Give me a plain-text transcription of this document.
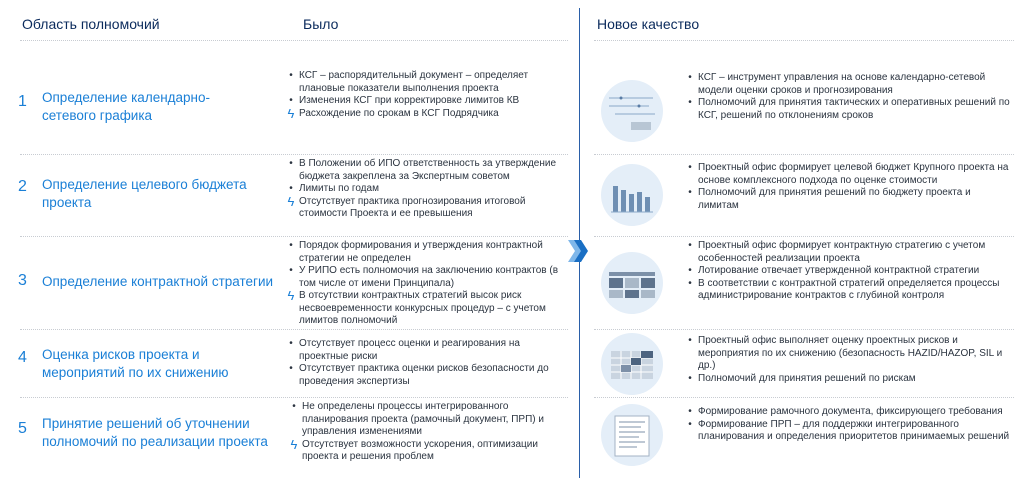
Область полномочий	Было	Новое качество
1 Определение календарно-сетевого графика
• КСГ – распорядительный документ – определяет плановые показатели выполнения проекта
• Изменения КСГ при корректировке лимитов КВ
ϟ Расхождение по срокам в КСГ Подрядчика
• КСГ – инструмент управления на основе календарно-сетевой модели оценки сроков и прогнозирования
• Полномочий для принятия тактических и оперативных решений по КСГ, решений по отклонениям сроков
2 Определение целевого бюджета проекта
• В Положении об ИПО ответственность за утверждение бюджета закреплена за Экспертным советом
• Лимиты по годам
ϟ Отсутствует практика прогнозирования итоговой стоимости Проекта и ее превышения
• Проектный офис формирует целевой бюджет Крупного проекта на основе комплексного подхода по оценке стоимости
• Полномочий для принятия решений по бюджету проекта и лимитам
3 Определение контрактной стратегии
• Порядок формирования и утверждения контрактной стратегии не определен
• У РИПО есть полномочия на заключению контрактов (в том числе от имени Принципала)
ϟ В отсутствии контрактных стратегий высок риск несвоевременности конкурсных процедур – с учетом лимитов полномочий
• Проектный офис формирует контрактную стратегию с учетом особенностей реализации проекта
• Лотирование отвечает утвержденной контрактной стратегии
• В соответствии с контрактной стратегий определяется процессы администрирование контрактов с глубиной контроля
4 Оценка рисков проекта и мероприятий по их снижению
• Отсутствует процесс оценки и реагирования на проектные риски
• Отсутствует практика оценки рисков безопасности до проведения экспертизы
• Проектный офис выполняет оценку проектных рисков и мероприятия по их снижению (безопасность HAZID/HAZOP, SIL и др.)
• Полномочий для принятия решений по рискам
5 Принятие решений об уточнении полномочий по реализации проекта
• Не определены процессы интегрированного планирования проекта (рамочный документ, ПРП) и управления изменениями
ϟ Отсутствует возможности ускорения, оптимизации проекта и решения проблем
• Формирование рамочного документа, фиксирующего требования
• Формирование ПРП – для поддержки интегрированного планирования и определения приоритетов принимаемых решений
